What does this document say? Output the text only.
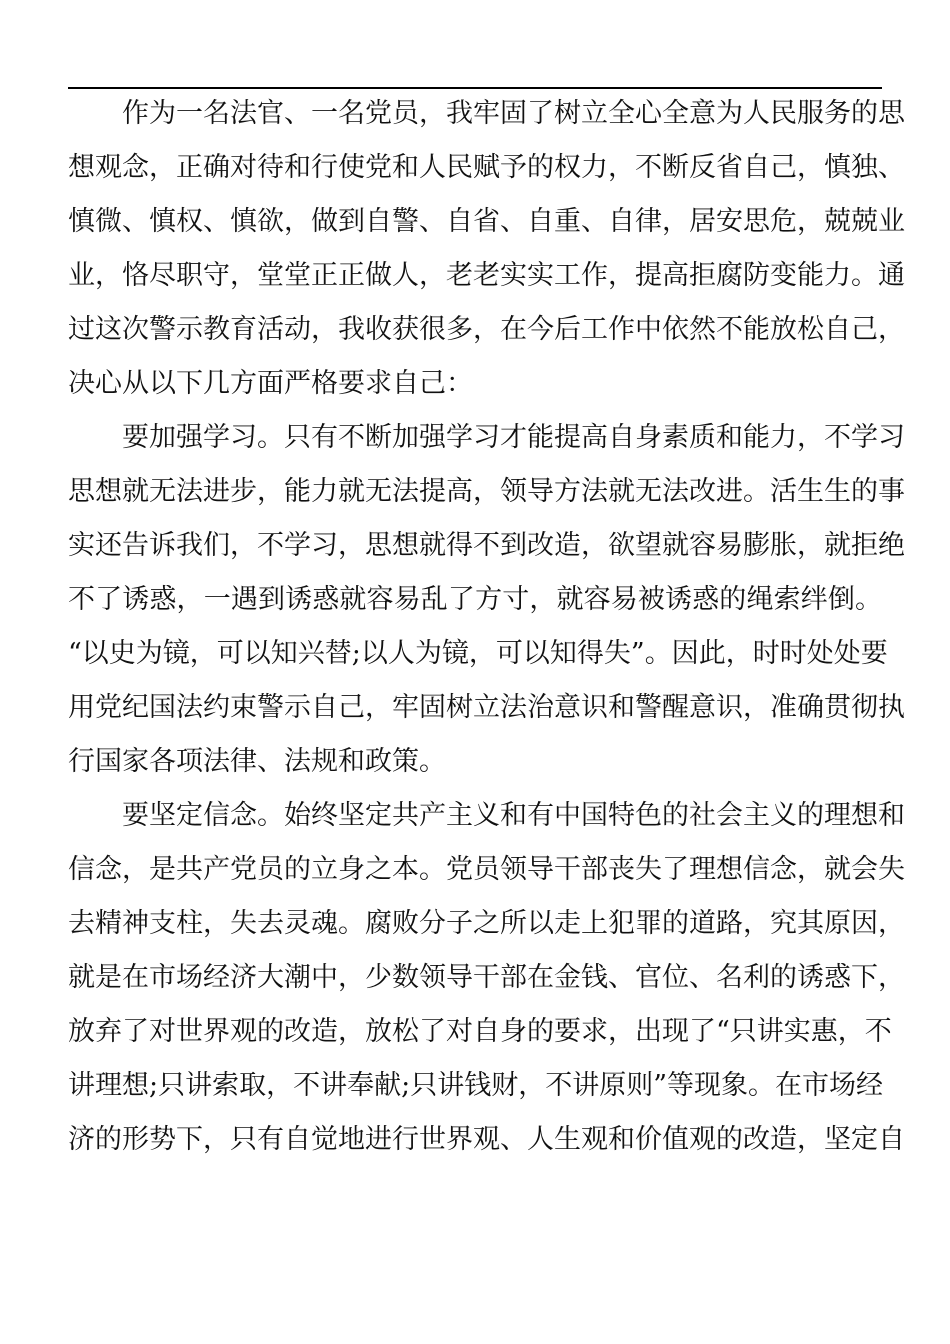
作为一名法官、一名党员，我牢固了树立全心全意为人民服务的思

想观念，正确对待和行使党和人民赋予的权力，不断反省自己，慎独、

慎微、慎权、慎欲，做到自警、自省、自重、自律，居安思危，兢兢业

业，恪尽职守，堂堂正正做人，老老实实工作，提高拒腐防变能力。通

过这次警示教育活动，我收获很多，在今后工作中依然不能放松自己，

决心从以下几方面严格要求自己：

要加强学习。只有不断加强学习才能提高自身素质和能力，不学习

思想就无法进步，能力就无法提高，领导方法就无法改进。活生生的事

实还告诉我们，不学习，思想就得不到改造，欲望就容易膨胀，就拒绝

不了诱惑，一遇到诱惑就容易乱了方寸，就容易被诱惑的绳索绊倒。

“以史为镜，可以知兴替;以人为镜，可以知得失”。因此，时时处处要

用党纪国法约束警示自己，牢固树立法治意识和警醒意识，准确贯彻执

行国家各项法律、法规和政策。

要坚定信念。始终坚定共产主义和有中国特色的社会主义的理想和

信念，是共产党员的立身之本。党员领导干部丧失了理想信念，就会失

去精神支柱，失去灵魂。腐败分子之所以走上犯罪的道路，究其原因，

就是在市场经济大潮中，少数领导干部在金钱、官位、名利的诱惑下，

放弃了对世界观的改造，放松了对自身的要求，出现了“只讲实惠，不

讲理想;只讲索取，不讲奉献;只讲钱财，不讲原则”等现象。在市场经

济的形势下，只有自觉地进行世界观、人生观和价值观的改造，坚定自
